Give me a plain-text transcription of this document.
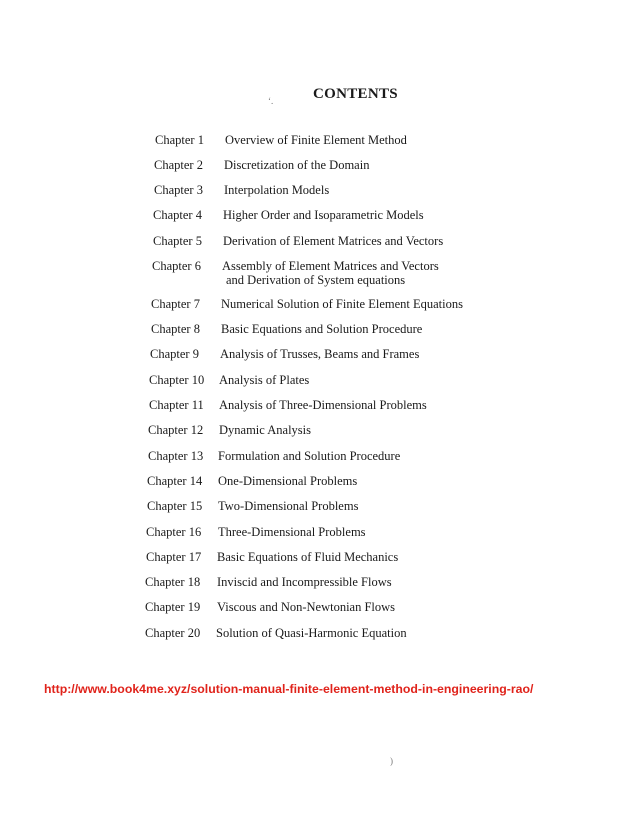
CONTENTS
Chapter 1	Overview of Finite Element Method
Chapter 2	Discretization of the Domain
Chapter 3	Interpolation Models
Chapter 4	Higher Order and Isoparametric Models
Chapter 5	Derivation of Element Matrices and Vectors
Chapter 6	Assembly of Element Matrices and Vectors
and Derivation of System equations
Chapter 7	Numerical Solution of Finite Element Equations
Chapter 8	Basic Equations and Solution Procedure
Chapter 9	Analysis of Trusses, Beams and Frames
Chapter 10	Analysis of Plates
Chapter 11	Analysis of Three-Dimensional Problems
Chapter 12	Dynamic Analysis
Chapter 13	Formulation and Solution Procedure
Chapter 14	One-Dimensional Problems
Chapter 15	Two-Dimensional Problems
Chapter 16	Three-Dimensional Problems
Chapter 17	Basic Equations of Fluid Mechanics
Chapter 18	Inviscid and Incompressible Flows
Chapter 19	Viscous and Non-Newtonian Flows
Chapter 20	Solution of Quasi-Harmonic Equation
http://www.book4me.xyz/solution-manual-finite-element-method-in-engineering-rao/
ʻ.
)
